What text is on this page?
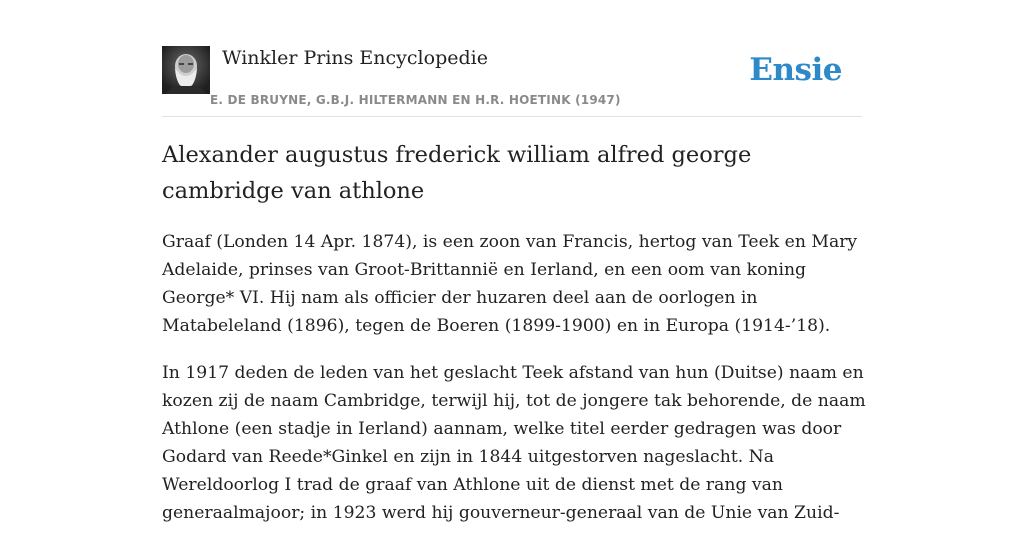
Winkler Prins Encyclopedie
E. DE BRUYNE, G.B.J. HILTERMANN EN H.R. HOETINK (1947)
Ensie
Alexander augustus frederick william alfred george cambridge van athlone

Graaf (Londen 14 Apr. 1874), is een zoon van Francis, hertog van Teek en Mary Adelaide, prinses van Groot-Brittannië en Ierland, en een oom van koning George* VI. Hij nam als officier der huzaren deel aan de oorlogen in Matabeleland (1896), tegen de Boeren (1899-1900) en in Europa (1914-’18).

In 1917 deden de leden van het geslacht Teek afstand van hun (Duitse) naam en kozen zij de naam Cambridge, terwijl hij, tot de jongere tak behorende, de naam Athlone (een stadje in Ierland) aannam, welke titel eerder gedragen was door Godard van Reede*Ginkel en zijn in 1844 uitgestorven nageslacht. Na Wereldoorlog I trad de graaf van Athlone uit de dienst met de rang van generaalmajoor; in 1923 werd hij gouverneur-generaal van de Unie van Zuid-
